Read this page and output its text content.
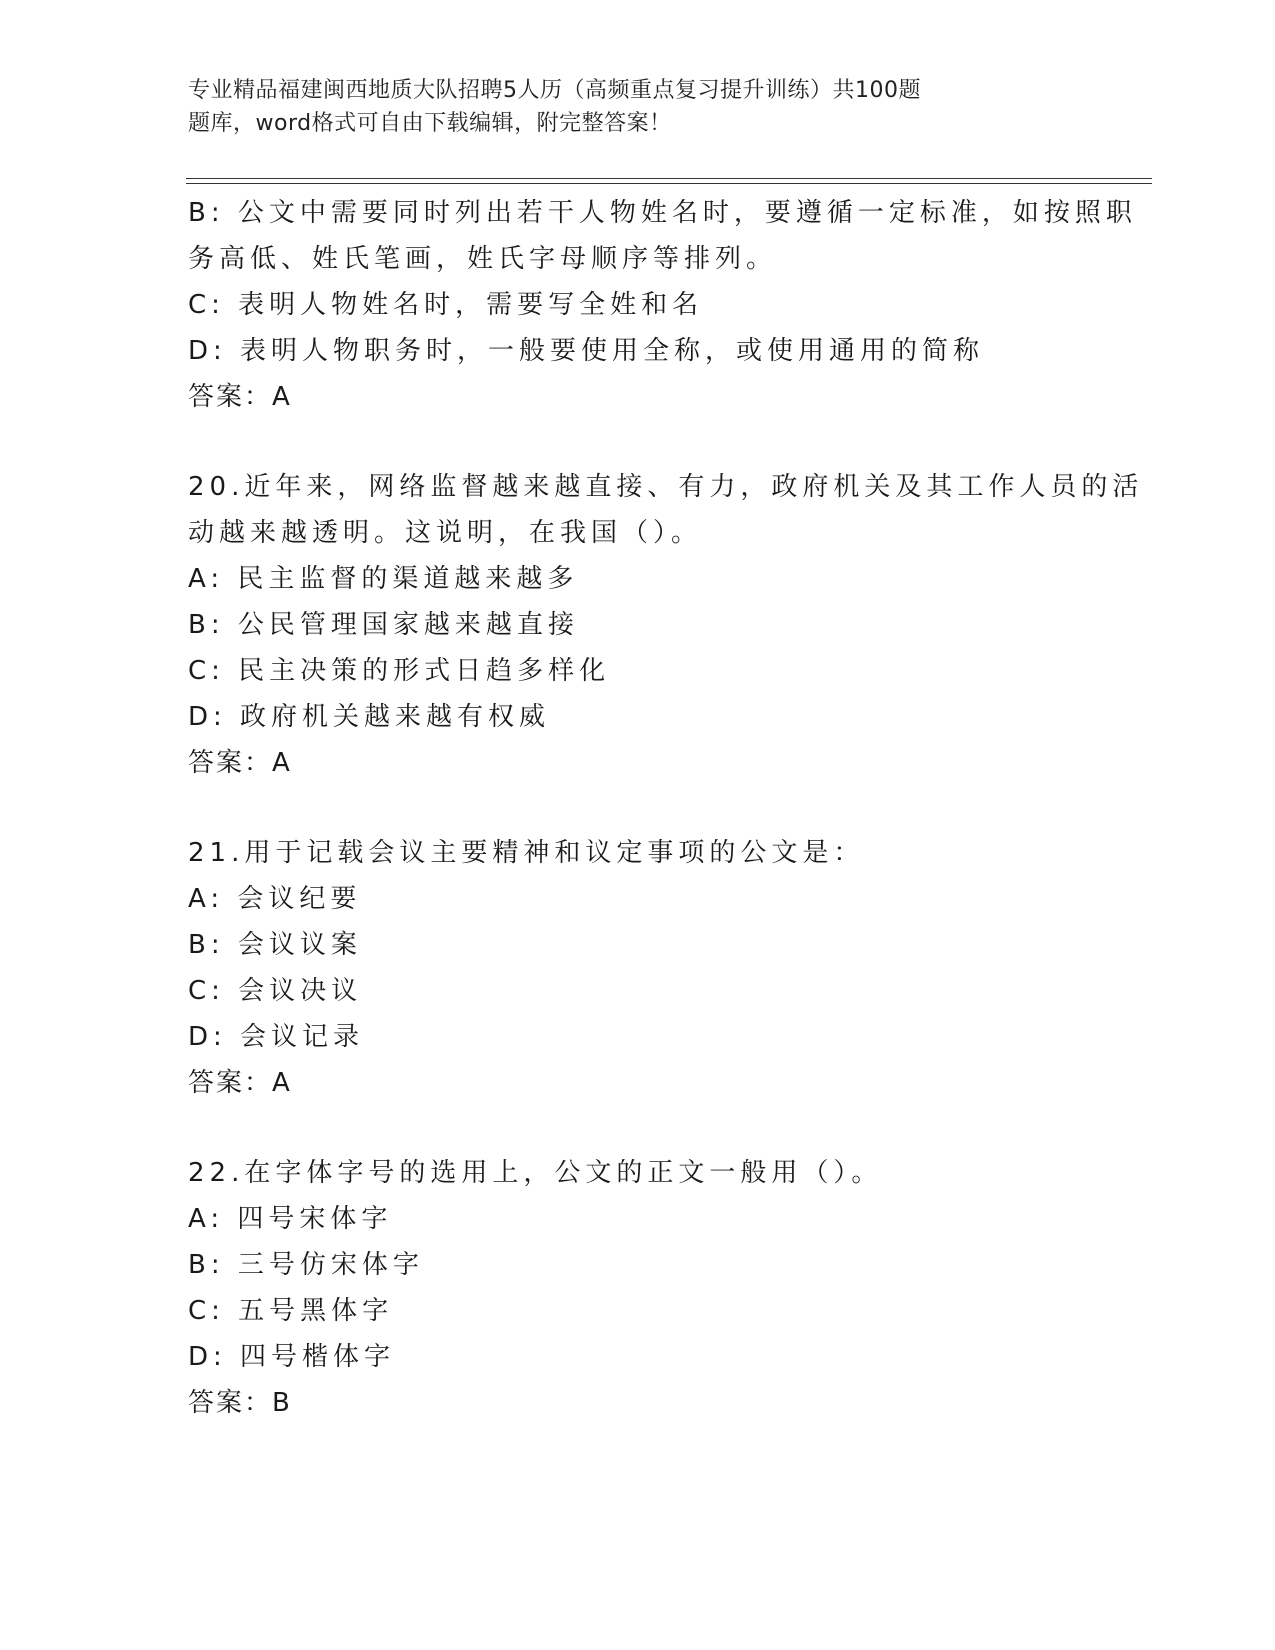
专业精品福建闽西地质大队招聘5人历（高频重点复习提升训练）共100题
题库，word格式可自由下载编辑，附完整答案！
B: 公文中需要同时列出若干人物姓名时，要遵循一定标准，如按照职
务高低、姓氏笔画，姓氏字母顺序等排列。
C: 表明人物姓名时，需要写全姓和名
D: 表明人物职务时，一般要使用全称，或使用通用的简称
答案：A
20.近年来，网络监督越来越直接、有力，政府机关及其工作人员的活
动越来越透明。这说明，在我国（）。
A: 民主监督的渠道越来越多
B: 公民管理国家越来越直接
C: 民主决策的形式日趋多样化
D: 政府机关越来越有权威
答案：A
21.用于记载会议主要精神和议定事项的公文是：
A: 会议纪要
B: 会议议案
C: 会议决议
D: 会议记录
答案：A
22.在字体字号的选用上，公文的正文一般用（）。
A: 四号宋体字
B: 三号仿宋体字
C: 五号黑体字
D: 四号楷体字
答案：B
